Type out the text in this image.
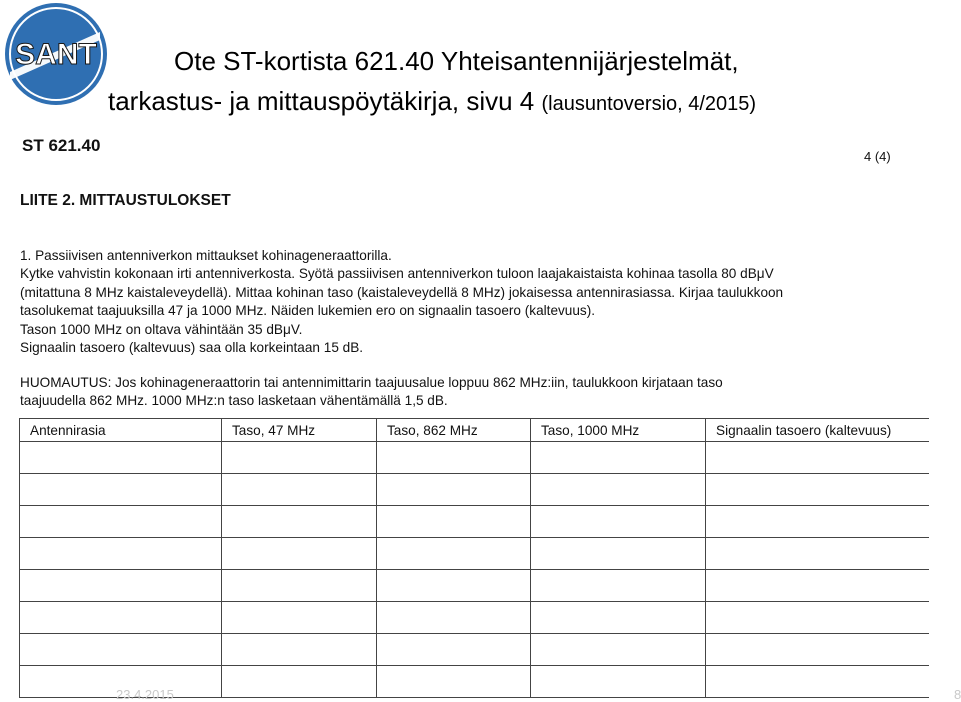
SANT	Ote ST-kortista 621.40 Yhteisantennijärjestelmät,
tarkastus- ja mittauspöytäkirja, sivu 4 (lausuntoversio, 4/2015)
ST 621.40
4 (4)
LIITE 2. MITTAUSTULOKSET
1. Passiivisen antenniverkon mittaukset kohinageneraattorilla.
Kytke vahvistin kokonaan irti antenniverkosta. Syötä passiivisen antenniverkon tuloon laajakaistaista kohinaa tasolla 80 dBμV
(mitattuna 8 MHz kaistaleveydellä). Mittaa kohinan taso (kaistaleveydellä 8 MHz) jokaisessa antennirasiassa. Kirjaa taulukkoon
tasolukemat taajuuksilla 47 ja 1000 MHz. Näiden lukemien ero on signaalin tasoero (kaltevuus).
Tason 1000 MHz on oltava vähintään 35 dBμV.
Signaalin tasoero (kaltevuus) saa olla korkeintaan 15 dB.
HUOMAUTUS: Jos kohinageneraattorin tai antennimittarin taajuusalue loppuu 862 MHz:iin, taulukkoon kirjataan taso
taajuudella 862 MHz. 1000 MHz:n taso lasketaan vähentämällä 1,5 dB.
Antennirasia	Taso, 47 MHz	Taso, 862 MHz	Taso, 1000 MHz	Signaalin tasoero (kaltevuus)

23.4.2015	8
